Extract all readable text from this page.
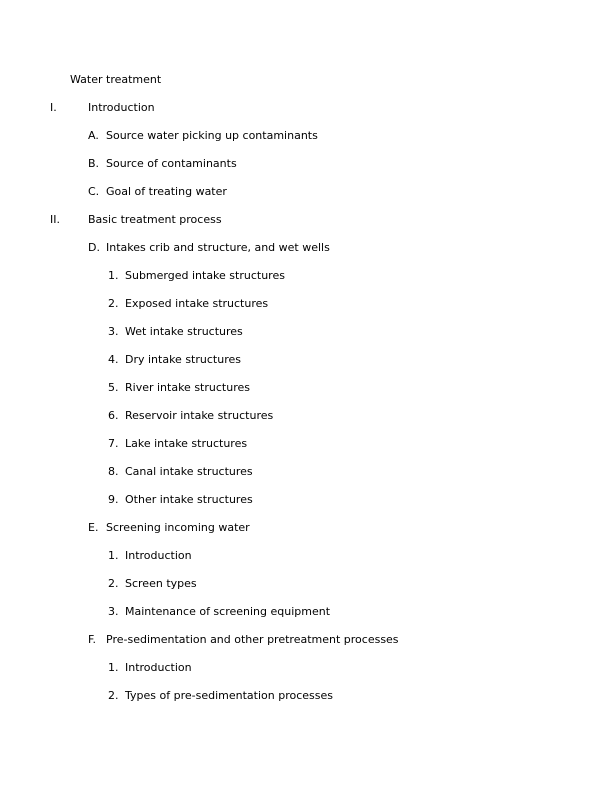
Water treatment
I.	Introduction
A. Source water picking up contaminants
B. Source of contaminants
C. Goal of treating water
II.	Basic treatment process
D. Intakes crib and structure, and wet wells
1. Submerged intake structures
2. Exposed intake structures
3. Wet intake structures
4. Dry intake structures
5. River intake structures
6. Reservoir intake structures
7. Lake intake structures
8. Canal intake structures
9. Other intake structures
E. Screening incoming water
1. Introduction
2. Screen types
3. Maintenance of screening equipment
F. Pre-sedimentation and other pretreatment processes
1. Introduction
2. Types of pre-sedimentation processes
